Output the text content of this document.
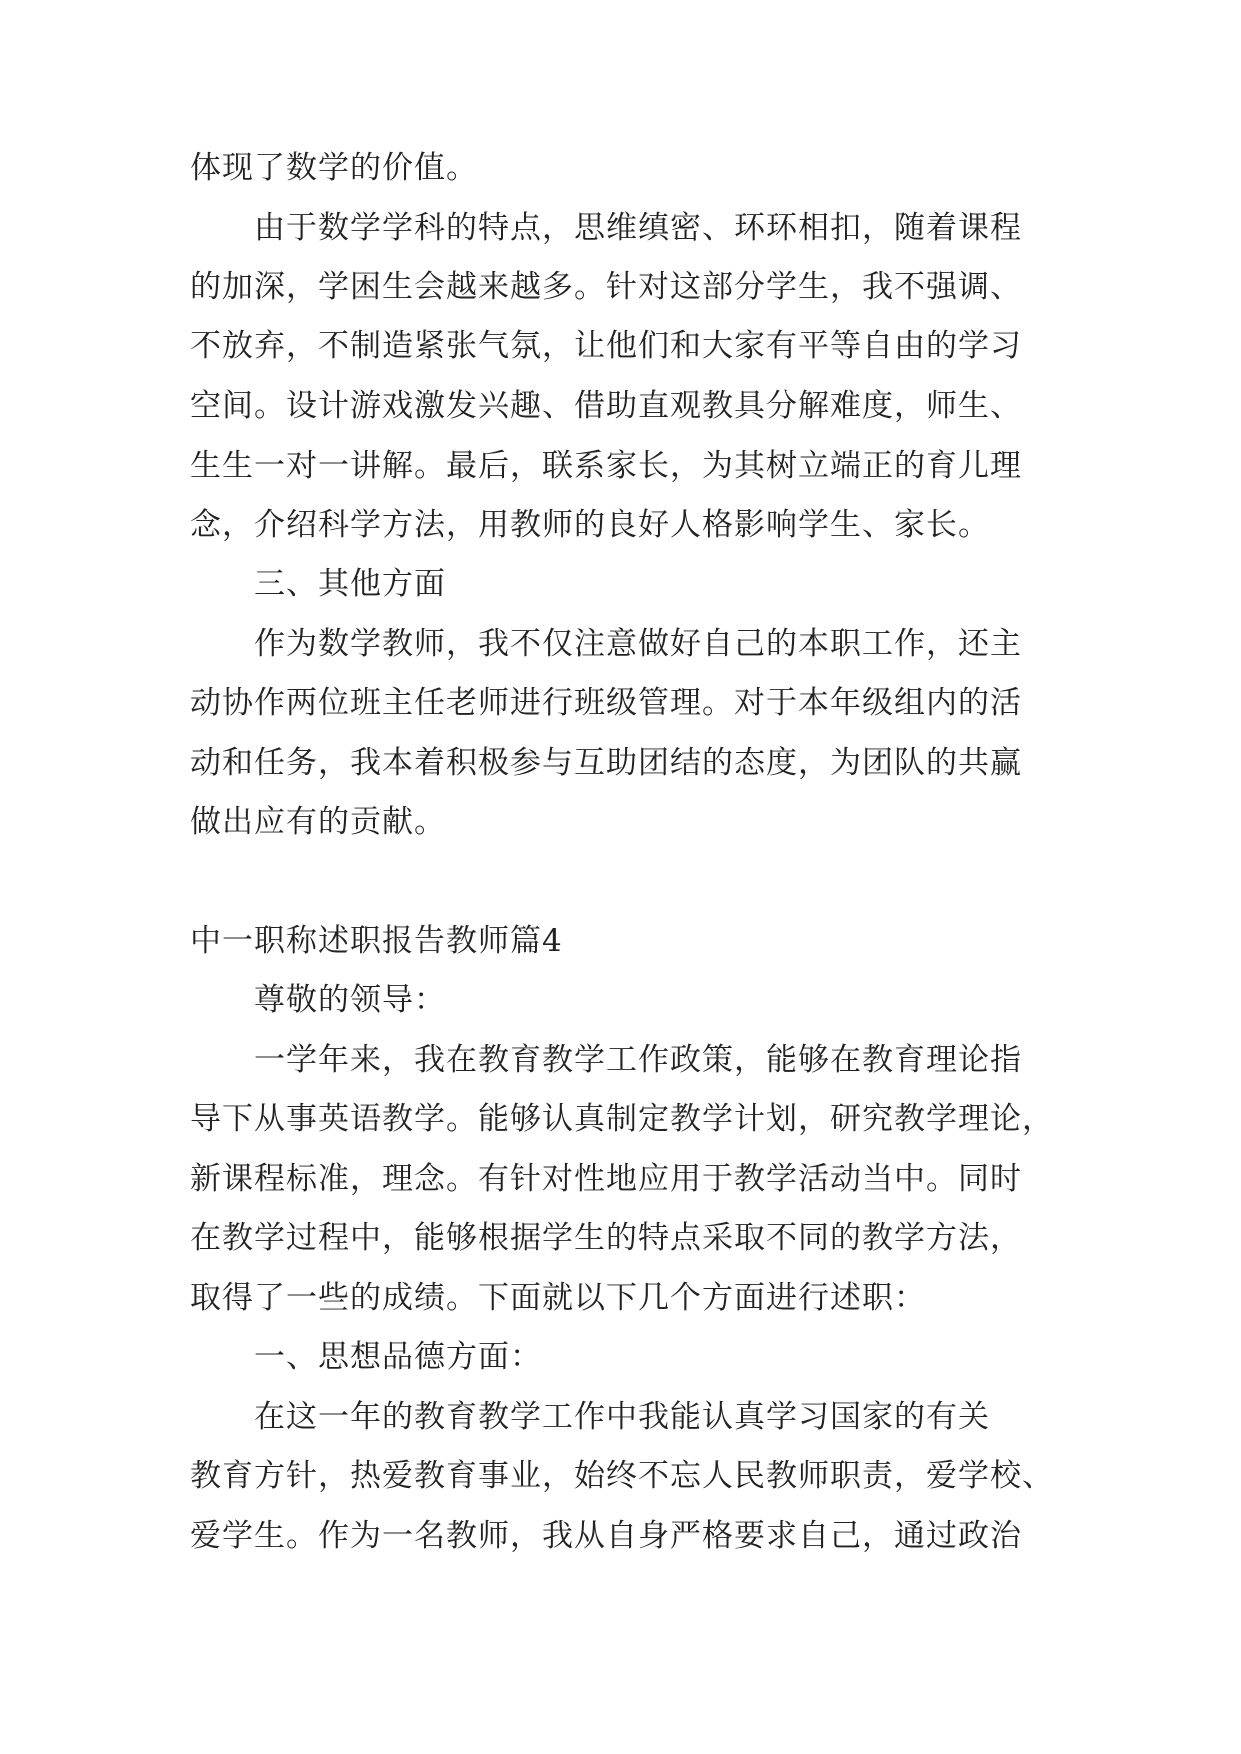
体现了数学的价值。
由于数学学科的特点，思维缜密、环环相扣，随着课程
的加深，学困生会越来越多。针对这部分学生，我不强调、
不放弃，不制造紧张气氛，让他们和大家有平等自由的学习
空间。设计游戏激发兴趣、借助直观教具分解难度，师生、
生生一对一讲解。最后，联系家长，为其树立端正的育儿理
念，介绍科学方法，用教师的良好人格影响学生、家长。
三、其他方面
作为数学教师，我不仅注意做好自己的本职工作，还主
动协作两位班主任老师进行班级管理。对于本年级组内的活
动和任务，我本着积极参与互助团结的态度，为团队的共赢
做出应有的贡献。
中一职称述职报告教师篇4
尊敬的领导：
一学年来，我在教育教学工作政策，能够在教育理论指
导下从事英语教学。能够认真制定教学计划，研究教学理论，
新课程标准，理念。有针对性地应用于教学活动当中。同时
在教学过程中，能够根据学生的特点采取不同的教学方法，
取得了一些的成绩。下面就以下几个方面进行述职：
一、思想品德方面：
在这一年的教育教学工作中我能认真学习国家的有关
教育方针，热爱教育事业，始终不忘人民教师职责，爱学校、
爱学生。作为一名教师，我从自身严格要求自己，通过政治
